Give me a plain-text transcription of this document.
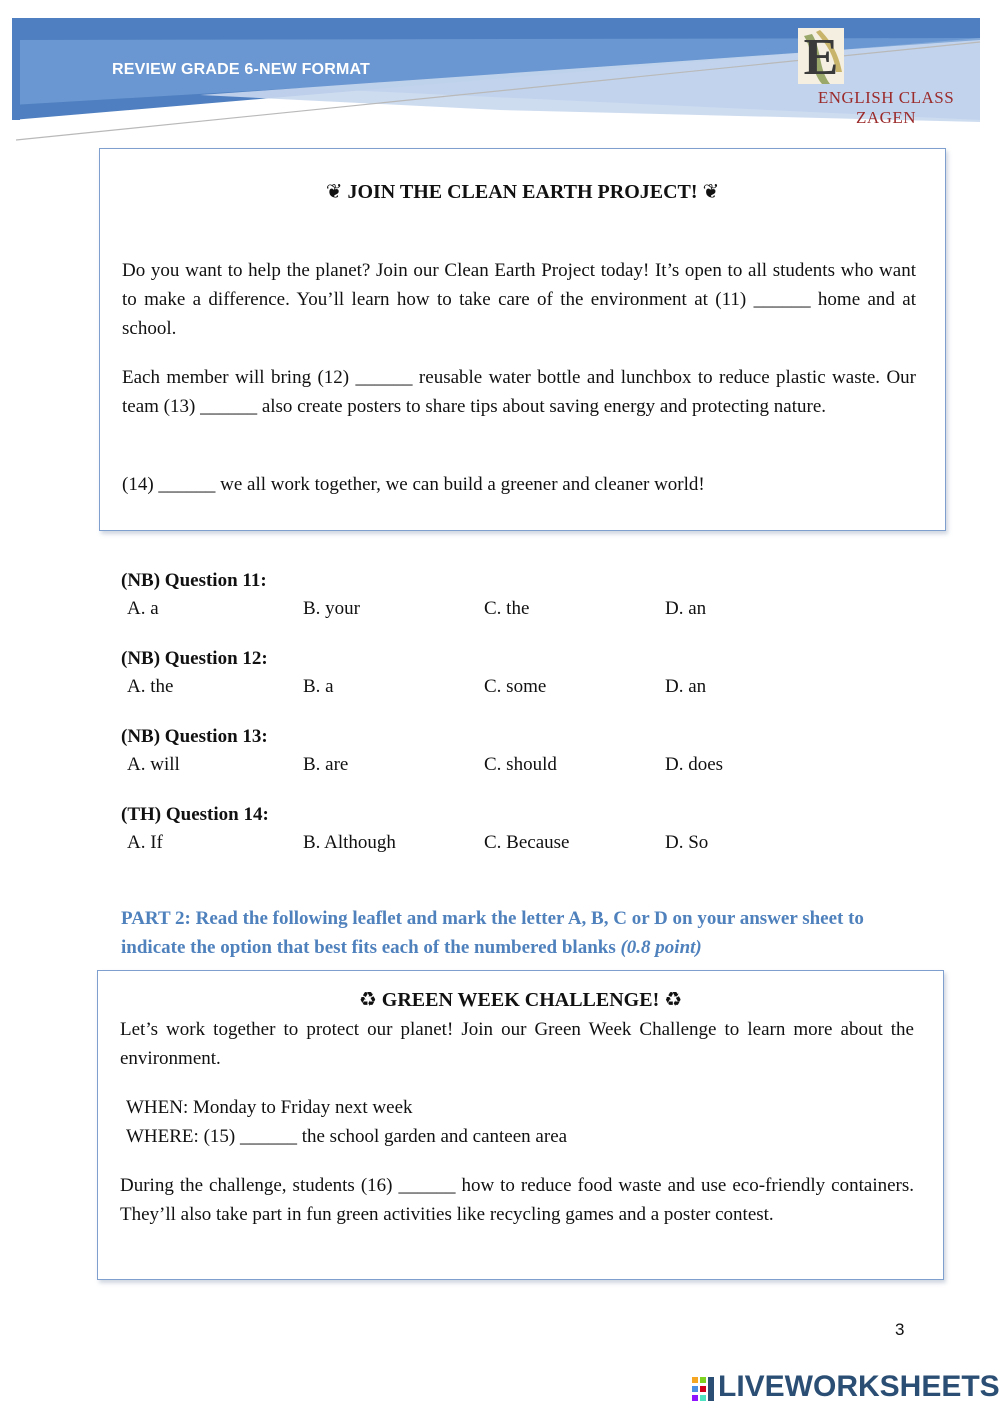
REVIEW GRADE 6-NEW FORMAT	E
ENGLISH CLASS ZAGEN
❦ JOIN THE CLEAN EARTH PROJECT! ❦

Do you want to help the planet? Join our Clean Earth Project today! It’s open to all students who want to make a difference. You’ll learn how to take care of the environment at (11) ______ home and at school.

Each member will bring (12) ______ reusable water bottle and lunchbox to reduce plastic waste. Our team (13) ______ also create posters to share tips about saving energy and protecting nature.

(14) ______ we all work together, we can build a greener and cleaner world!

(NB) Question 11:
A. a	B. your	C. the	D. an
(NB) Question 12:
A. the	B. a	C. some	D. an
(NB) Question 13:
A. will	B. are	C. should	D. does
(TH) Question 14:
A. If	B. Although	C. Because	D. So
PART 2: Read the following leaflet and mark the letter A, B, C or D on your answer sheet to indicate the option that best fits each of the numbered blanks (0.8 point)
♻ GREEN WEEK CHALLENGE! ♻

Let’s work together to protect our planet! Join our Green Week Challenge to learn more about the environment.

WHEN: Monday to Friday next week

WHERE: (15) ______ the school garden and canteen area

During the challenge, students (16) ______ how to reduce food waste and use eco-friendly containers. They’ll also take part in fun green activities like recycling games and a poster contest.

3
LIVEWORKSHEETS
